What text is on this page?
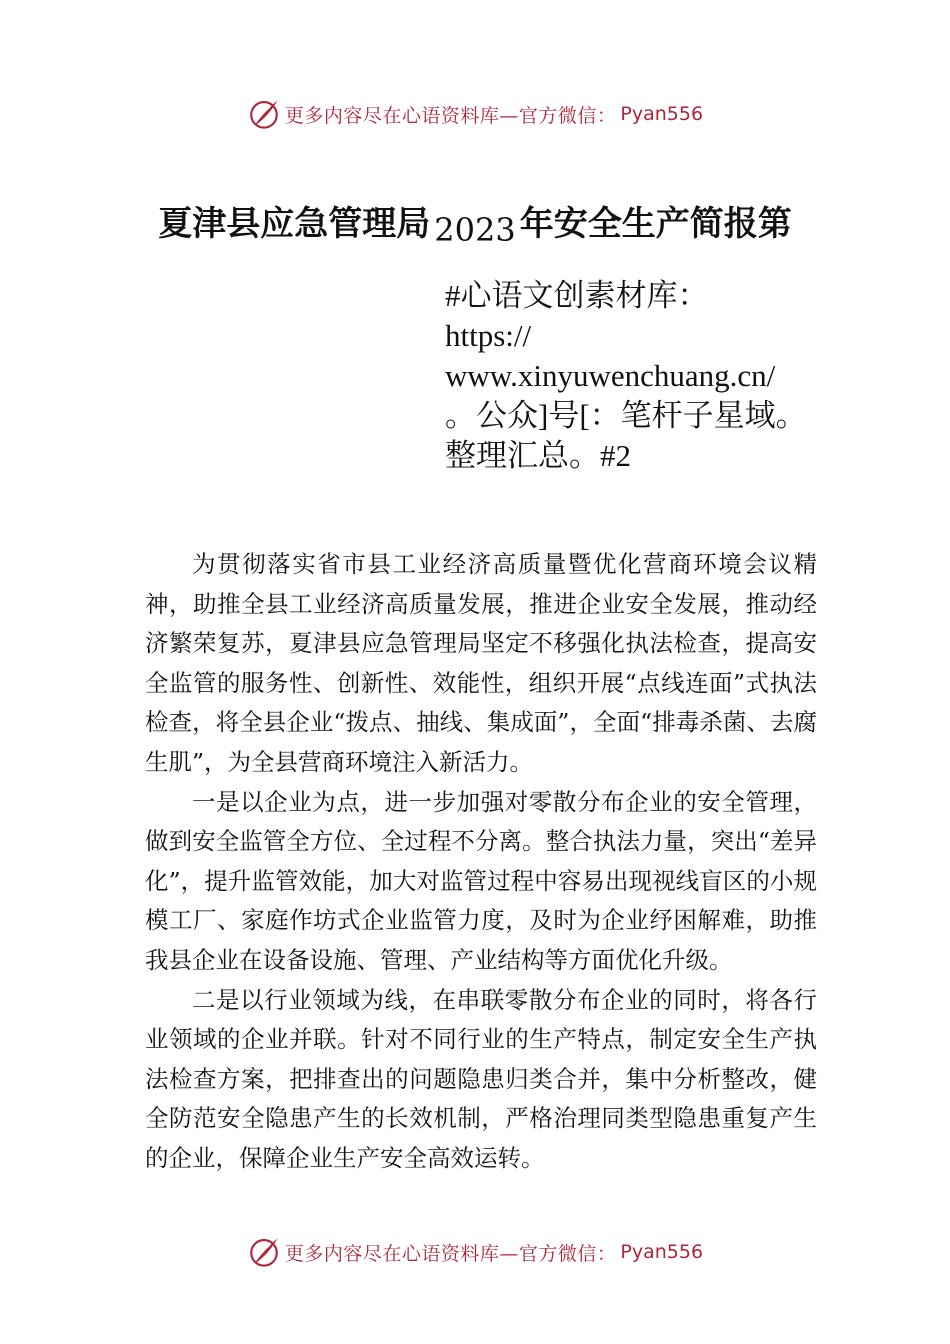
更多内容尽在心语资料库—官方微信： Pyan556
夏津县应急管理局 2023 年安全生产简报第
#心语文创素材库：
https://
www.xinyuwenchuang.cn/
。公众]号[：笔杆子星域。
整理汇总。#2

为贯彻落实省市县工业经济高质量暨优化营商环境会议精神，助推全县工业经济高质量发展，推进企业安全发展，推动经济繁荣复苏，夏津县应急管理局坚定不移强化执法检查，提高安全监管的服务性、创新性、效能性，组织开展“点线连面”式执法检查，将全县企业“拨点、抽线、集成面”，全面“排毒杀菌、去腐生肌”，为全县营商环境注入新活力。

一是以企业为点，进一步加强对零散分布企业的安全管理，做到安全监管全方位、全过程不分离。整合执法力量，突出“差异化”，提升监管效能，加大对监管过程中容易出现视线盲区的小规模工厂、家庭作坊式企业监管力度，及时为企业纾困解难，助推我县企业在设备设施、管理、产业结构等方面优化升级。

二是以行业领域为线，在串联零散分布企业的同时，将各行业领域的企业并联。针对不同行业的生产特点，制定安全生产执法检查方案，把排查出的问题隐患归类合并，集中分析整改，健全防范安全隐患产生的长效机制，严格治理同类型隐患重复产生的企业，保障企业生产安全高效运转。

更多内容尽在心语资料库—官方微信： Pyan556
